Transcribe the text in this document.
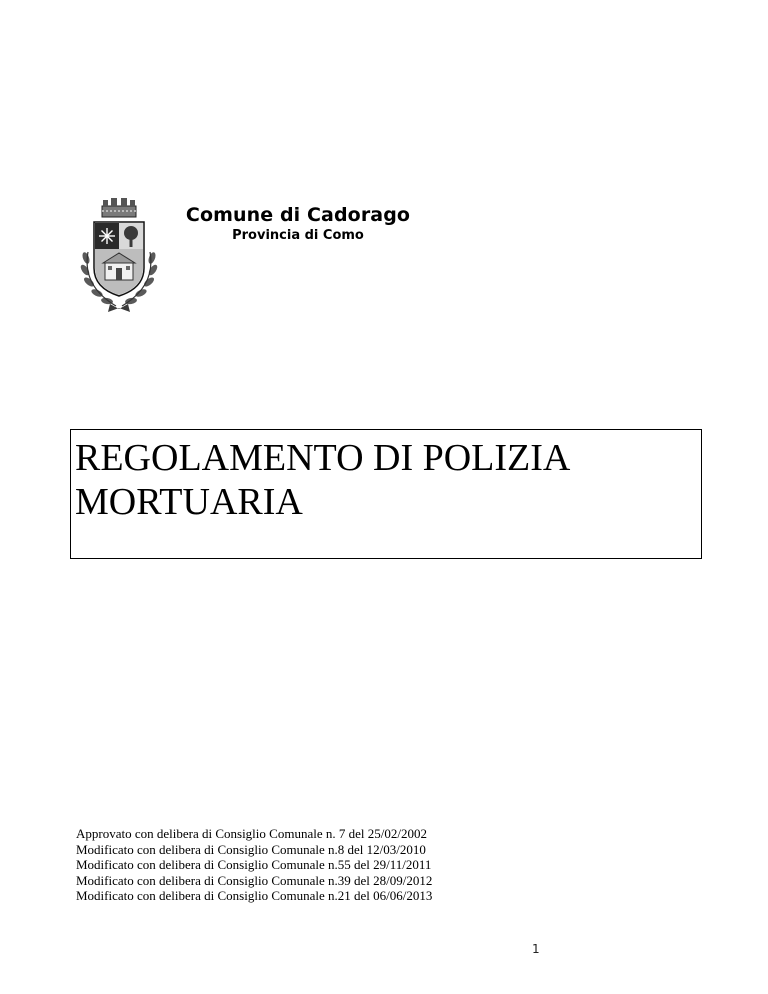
Comune di Cadorago
Provincia di Como
REGOLAMENTO DI POLIZIA
MORTUARIA
Approvato con delibera di Consiglio Comunale n. 7 del 25/02/2002
Modificato con delibera di Consiglio Comunale n.8 del 12/03/2010
Modificato con delibera di Consiglio Comunale n.55 del 29/11/2011
Modificato con delibera di Consiglio Comunale n.39 del 28/09/2012
Modificato con delibera di Consiglio Comunale n.21 del 06/06/2013
1
